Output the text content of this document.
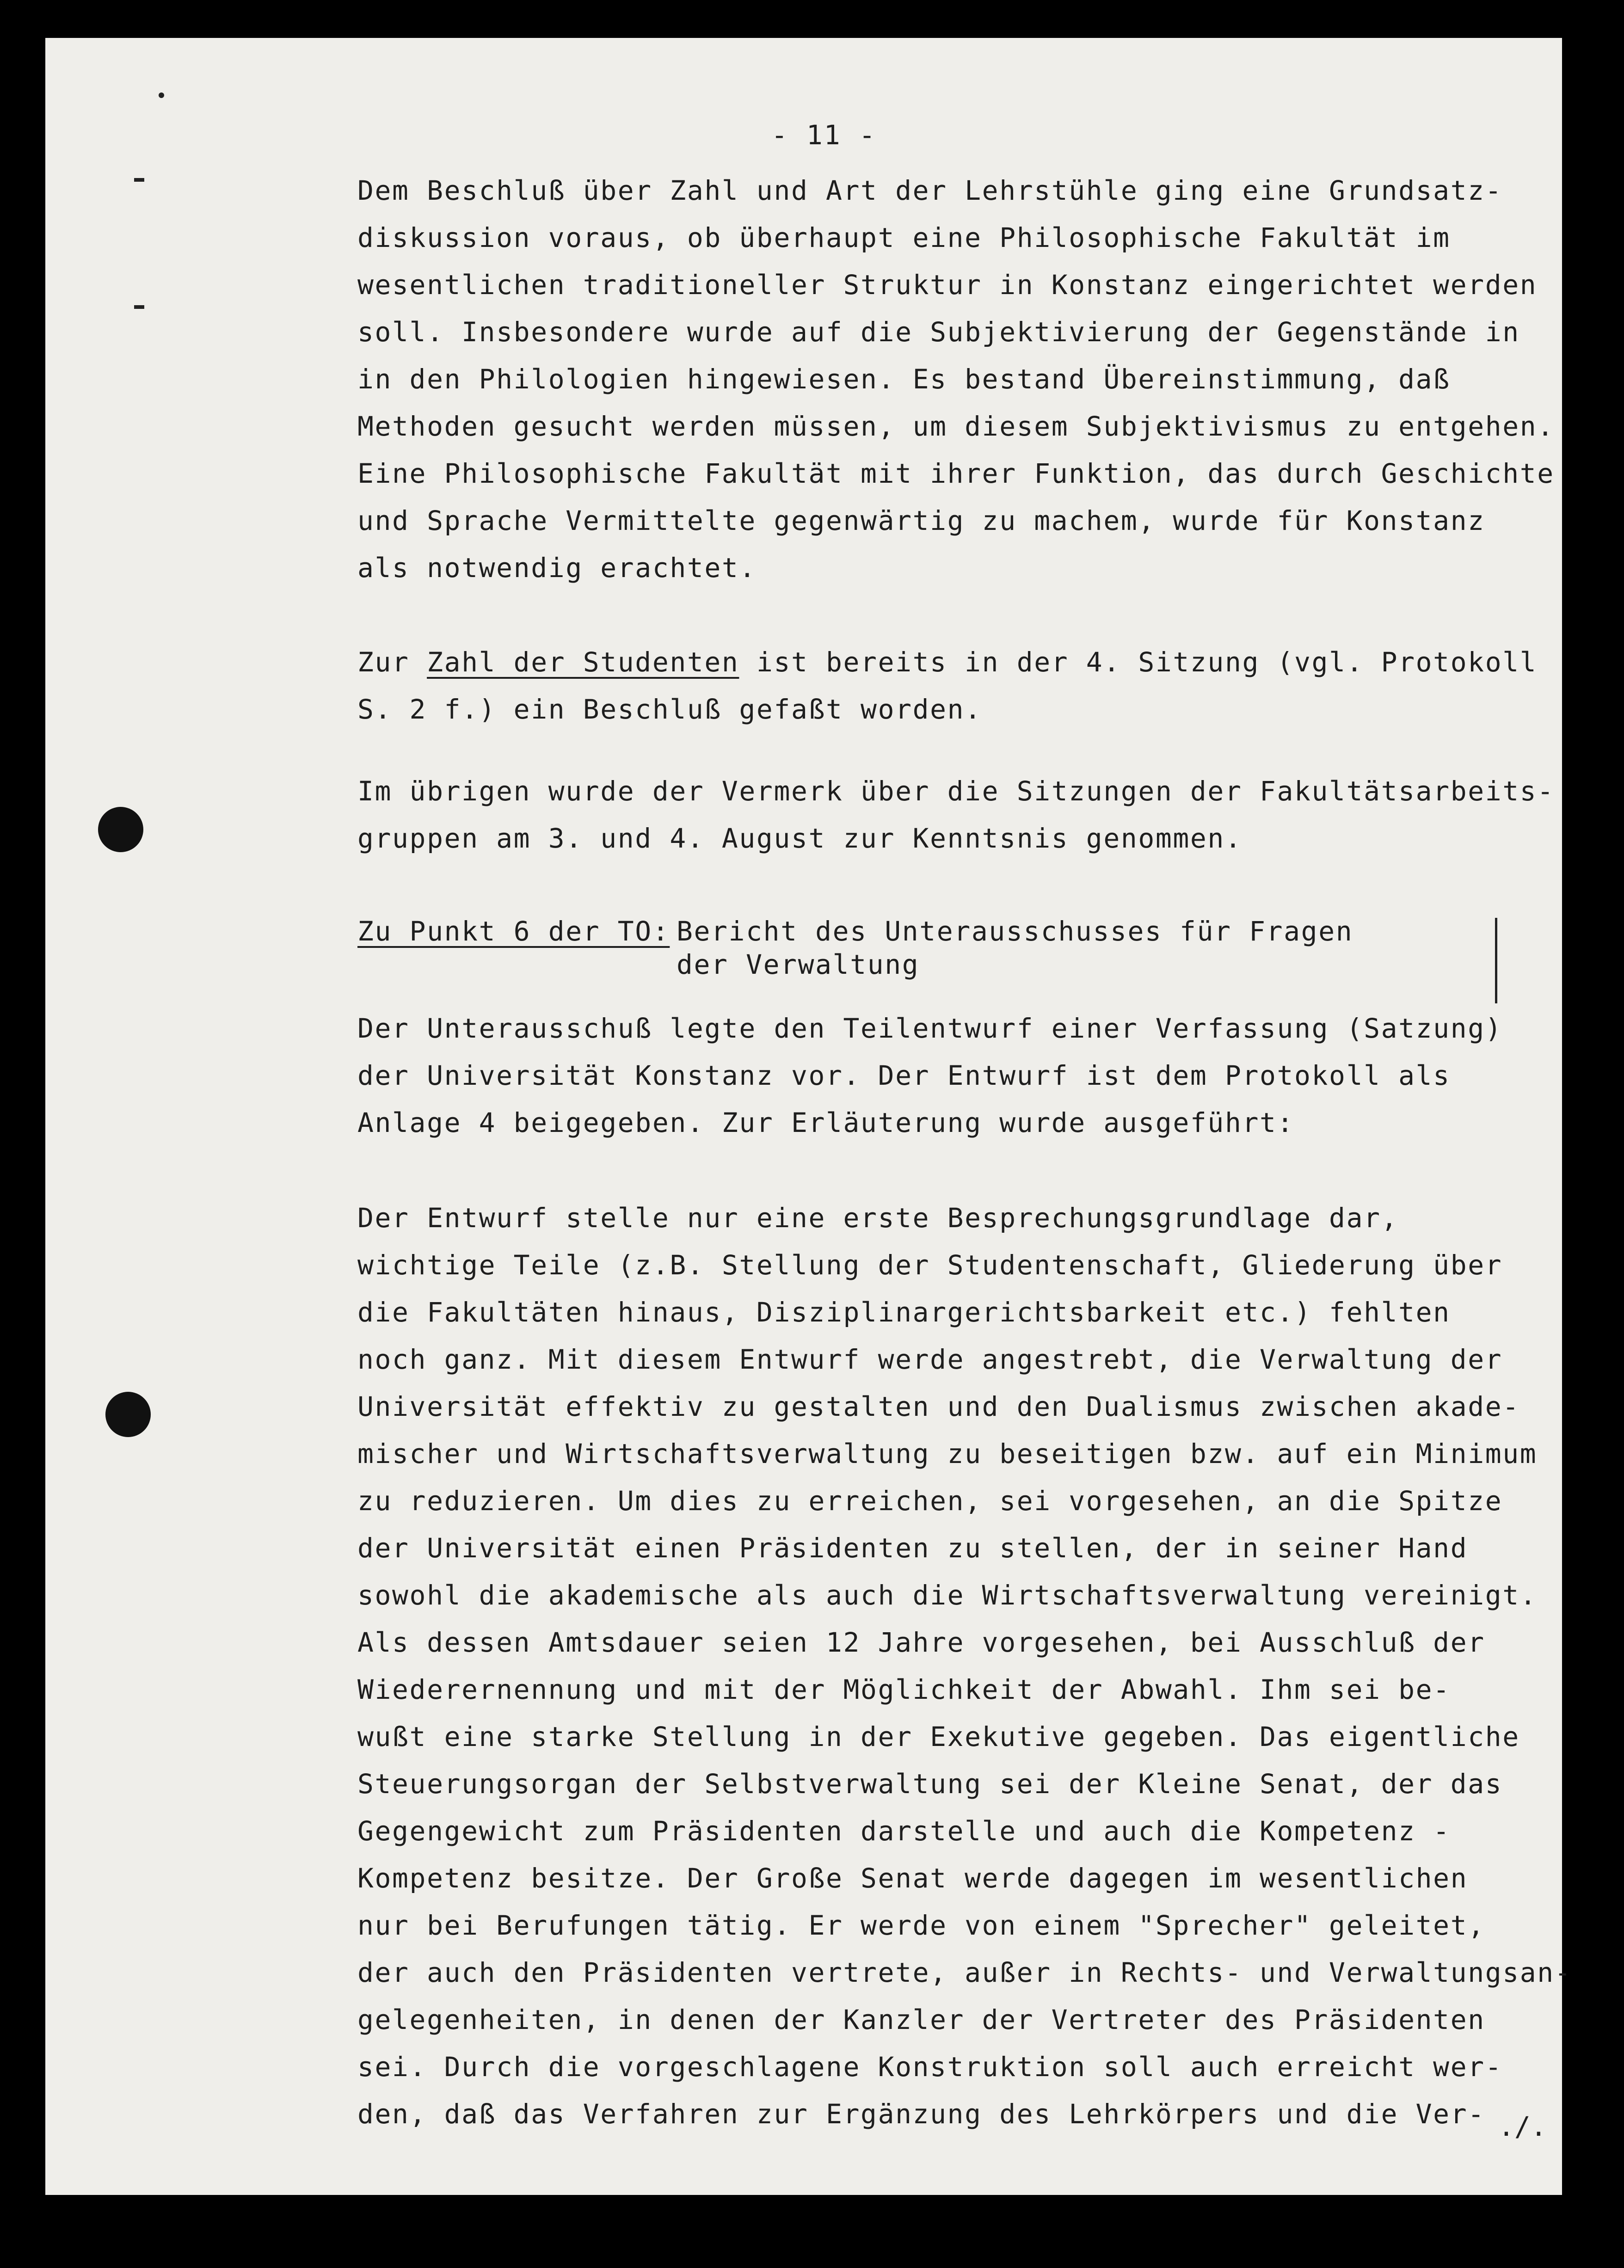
- 11 -

Dem Beschluß über Zahl und Art der Lehrstühle ging eine Grundsatz-

diskussion voraus, ob überhaupt eine Philosophische Fakultät im

wesentlichen traditioneller Struktur in Konstanz eingerichtet werden

soll. Insbesondere wurde auf die Subjektivierung der Gegenstände in

in den Philologien hingewiesen. Es bestand Übereinstimmung, daß

Methoden gesucht werden müssen, um diesem Subjektivismus zu entgehen.

Eine Philosophische Fakultät mit ihrer Funktion, das durch Geschichte

und Sprache Vermittelte gegenwärtig zu machem, wurde für Konstanz

als notwendig erachtet.

Zur Zahl der Studenten ist bereits in der 4. Sitzung (vgl. Protokoll

S. 2 f.) ein Beschluß gefaßt worden.

Im übrigen wurde der Vermerk über die Sitzungen der Fakultätsarbeits-

gruppen am 3. und 4. August zur Kenntsnis genommen.

Zu Punkt 6 der TO:

Bericht des Unterausschusses für Fragen

der Verwaltung

Der Unterausschuß legte den Teilentwurf einer Verfassung (Satzung)

der Universität Konstanz vor. Der Entwurf ist dem Protokoll als

Anlage 4 beigegeben. Zur Erläuterung wurde ausgeführt:

Der Entwurf stelle nur eine erste Besprechungsgrundlage dar,

wichtige Teile (z.B. Stellung der Studentenschaft, Gliederung über

die Fakultäten hinaus, Disziplinargerichtsbarkeit etc.) fehlten

noch ganz. Mit diesem Entwurf werde angestrebt, die Verwaltung der

Universität effektiv zu gestalten und den Dualismus zwischen akade-

mischer und Wirtschaftsverwaltung zu beseitigen bzw. auf ein Minimum

zu reduzieren. Um dies zu erreichen, sei vorgesehen, an die Spitze

der Universität einen Präsidenten zu stellen, der in seiner Hand

sowohl die akademische als auch die Wirtschaftsverwaltung vereinigt.

Als dessen Amtsdauer seien 12 Jahre vorgesehen, bei Ausschluß der

Wiederernennung und mit der Möglichkeit der Abwahl. Ihm sei be-

wußt eine starke Stellung in der Exekutive gegeben. Das eigentliche

Steuerungsorgan der Selbstverwaltung sei der Kleine Senat, der das

Gegengewicht zum Präsidenten darstelle und auch die Kompetenz -

Kompetenz besitze. Der Große Senat werde dagegen im wesentlichen

nur bei Berufungen tätig. Er werde von einem "Sprecher" geleitet,

der auch den Präsidenten vertrete, außer in Rechts- und Verwaltungsan-

gelegenheiten, in denen der Kanzler der Vertreter des Präsidenten

sei. Durch die vorgeschlagene Konstruktion soll auch erreicht wer-

den, daß das Verfahren zur Ergänzung des Lehrkörpers und die Ver- ./.
